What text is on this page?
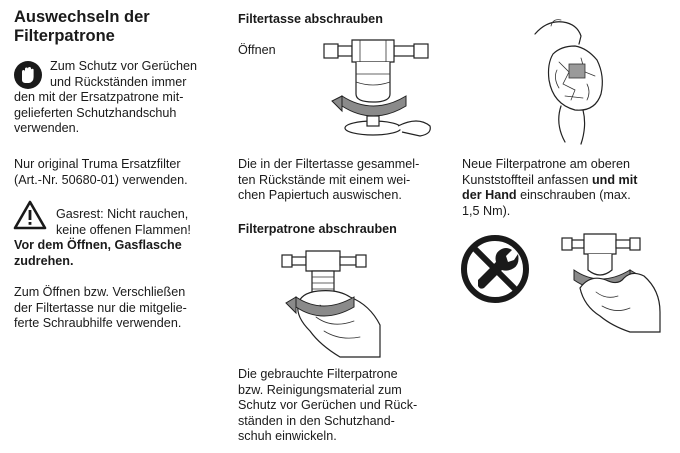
Auswechseln der
Filterpatrone
Zum Schutz vor Gerüchen
und Rückständen immer
den mit der Ersatzpatrone mit-
gelieferten Schutzhandschuh
verwenden.
Nur original Truma Ersatzfilter
(Art.-Nr. 50680-01) verwenden.
Gasrest: Nicht rauchen,
keine offenen Flammen!
Vor dem Öffnen, Gasflasche
zudrehen.
Zum Öffnen bzw. Verschließen
der Filtertasse nur die mitgelie-
ferte Schraubhilfe verwenden.
Filtertasse abschrauben
Öffnen
Die in der Filtertasse gesammel-
ten Rückstände mit einem wei-
chen Papiertuch auswischen.
Filterpatrone abschrauben
Die gebrauchte Filterpatrone
bzw. Reinigungsmaterial zum
Schutz vor Gerüchen und Rück-
ständen in den Schutzhand-
schuh einwickeln.
Neue Filterpatrone am oberen
Kunststoffteil anfassen und mit
der Hand einschrauben (max.
1,5 Nm).
